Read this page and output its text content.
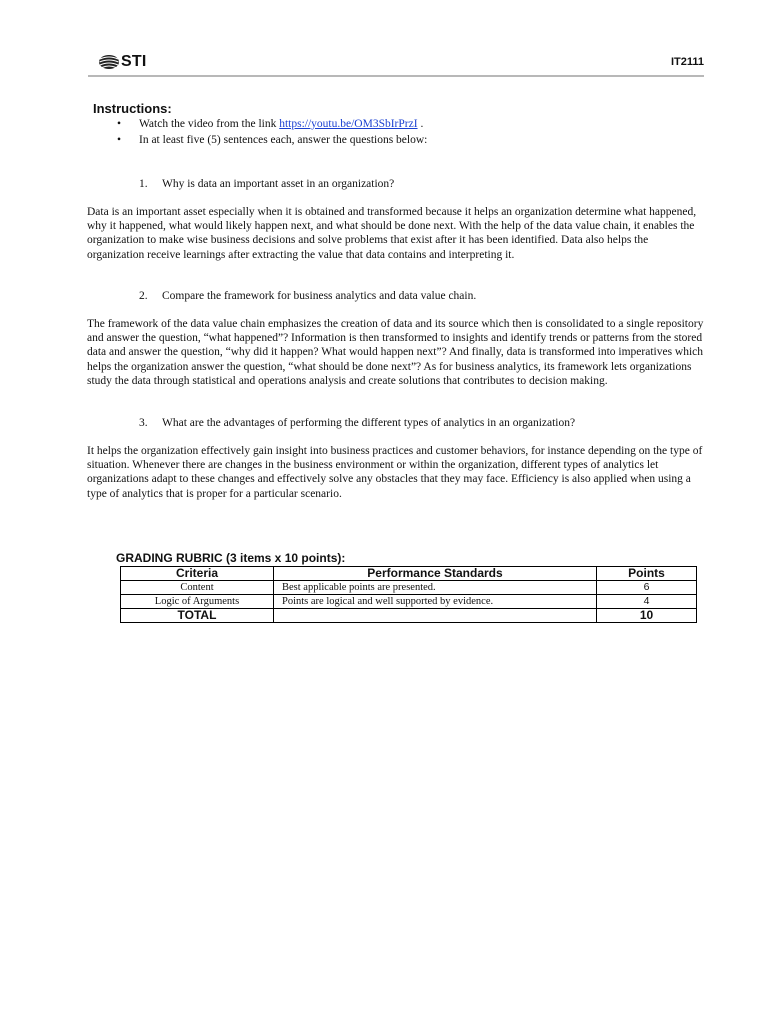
STI	IT2111
Instructions:
• Watch the video from the link https://youtu.be/OM3SbIrPrzI .
• In at least five (5) sentences each, answer the questions below:
1. Why is data an important asset in an organization?

Data is an important asset especially when it is obtained and transformed because it helps an organization determine what happened, why it happened, what would likely happen next, and what should be done next. With the help of the data value chain, it enables the organization to make wise business decisions and solve problems that exist after it has been identified. Data also helps the organization receive learnings after extracting the value that data contains and interpreting it.

2. Compare the framework for business analytics and data value chain.

The framework of the data value chain emphasizes the creation of data and its source which then is consolidated to a single repository and answer the question, “what happened”? Information is then transformed to insights and identify trends or patterns from the stored data and answer the question, “why did it happen? What would happen next”? And finally, data is transformed into imperatives which helps the organization answer the question, “what should be done next”? As for business analytics, its framework lets organizations study the data through statistical and operations analysis and create solutions that contributes to decision making.

3. What are the advantages of performing the different types of analytics in an organization?

It helps the organization effectively gain insight into business practices and customer behaviors, for instance depending on the type of situation. Whenever there are changes in the business environment or within the organization, different types of analytics let organizations adapt to these changes and effectively solve any obstacles that they may face. Efficiency is also applied when using a type of analytics that is proper for a particular scenario.

GRADING RUBRIC (3 items x 10 points):
Criteria	Performance Standards	Points
Content	Best applicable points are presented.	6
Logic of Arguments	Points are logical and well supported by evidence.	4
TOTAL		10
